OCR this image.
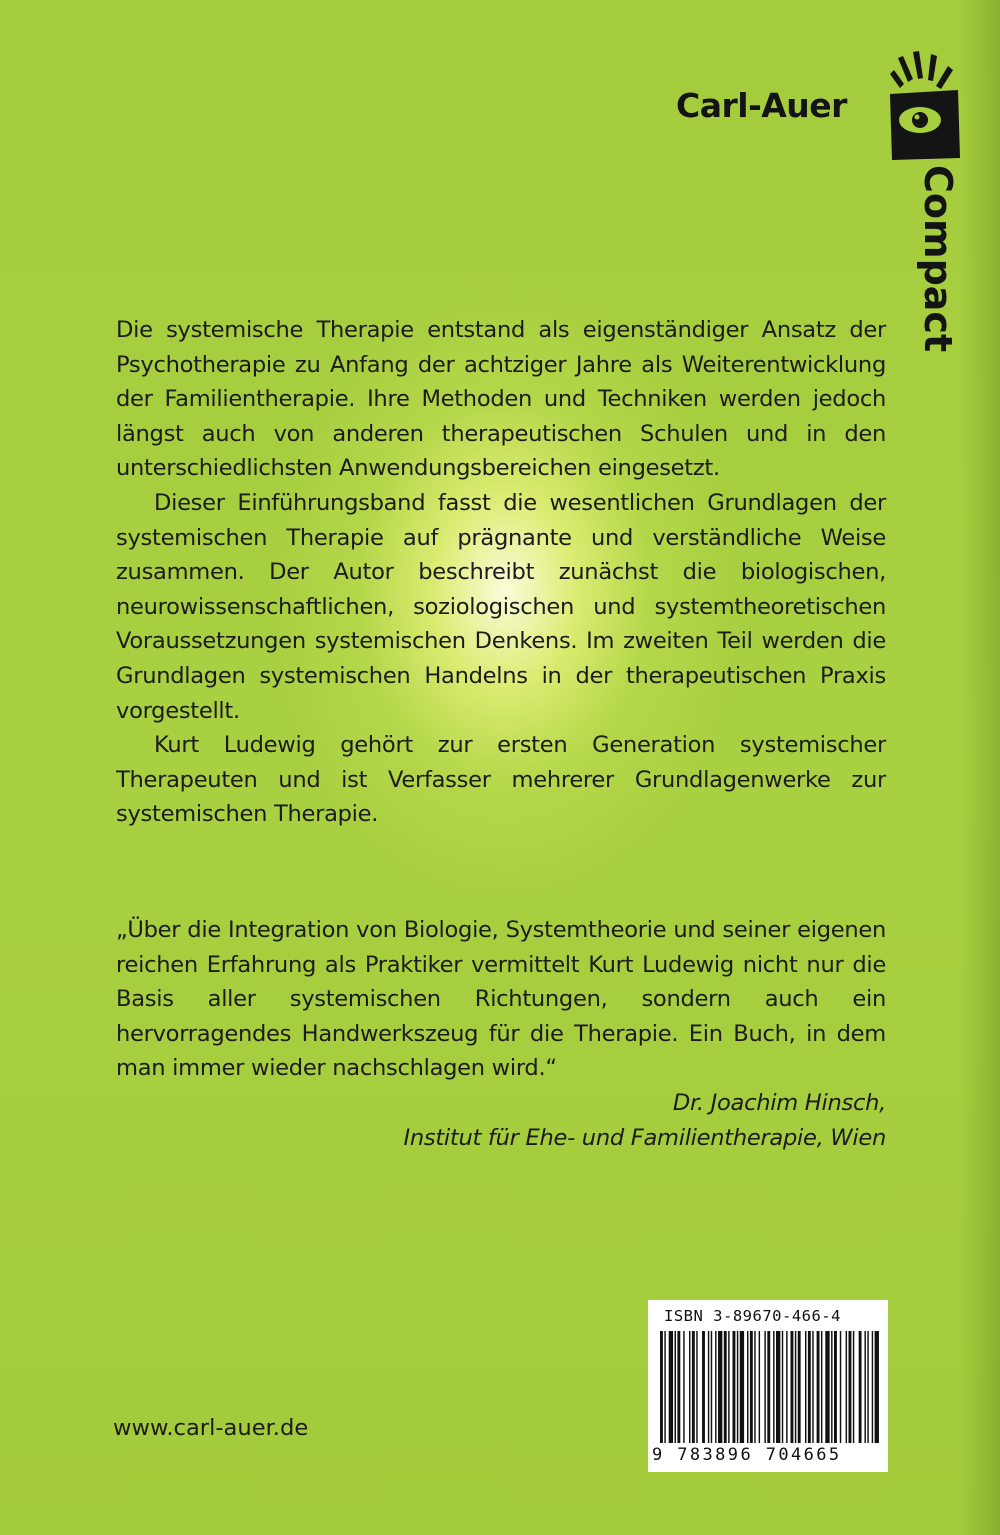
Carl-Auer
Compact

Die systemische Therapie entstand als eigenständiger Ansatz der Psychotherapie zu Anfang der achtziger Jahre als Weiterentwicklung der Familientherapie. Ihre Methoden und Techniken werden jedoch längst auch von anderen therapeutischen Schulen und in den unterschiedlichsten Anwendungsbereichen eingesetzt.

Dieser Einführungsband fasst die wesentlichen Grundlagen der systemischen Therapie auf prägnante und verständliche Weise zusammen. Der Autor beschreibt zunächst die biologischen, neurowissenschaftlichen, soziologischen und systemtheoretischen Voraussetzungen systemischen Denkens. Im zweiten Teil werden die Grundlagen systemischen Handelns in der therapeutischen Praxis vorgestellt.

Kurt Ludewig gehört zur ersten Generation systemischer Therapeuten und ist Verfasser mehrerer Grundlagenwerke zur systemischen Therapie.

„Über die Integration von Biologie, Systemtheorie und seiner eigenen reichen Erfahrung als Praktiker vermittelt Kurt Ludewig nicht nur die Basis aller systemischen Richtungen, sondern auch ein hervorragendes Handwerkszeug für die Therapie. Ein Buch, in dem man immer wieder nachschlagen wird.“

Dr. Joachim Hinsch,

Institut für Ehe- und Familientherapie, Wien

www.carl-auer.de
ISBN 3-89670-466-4
9 783896 704665
